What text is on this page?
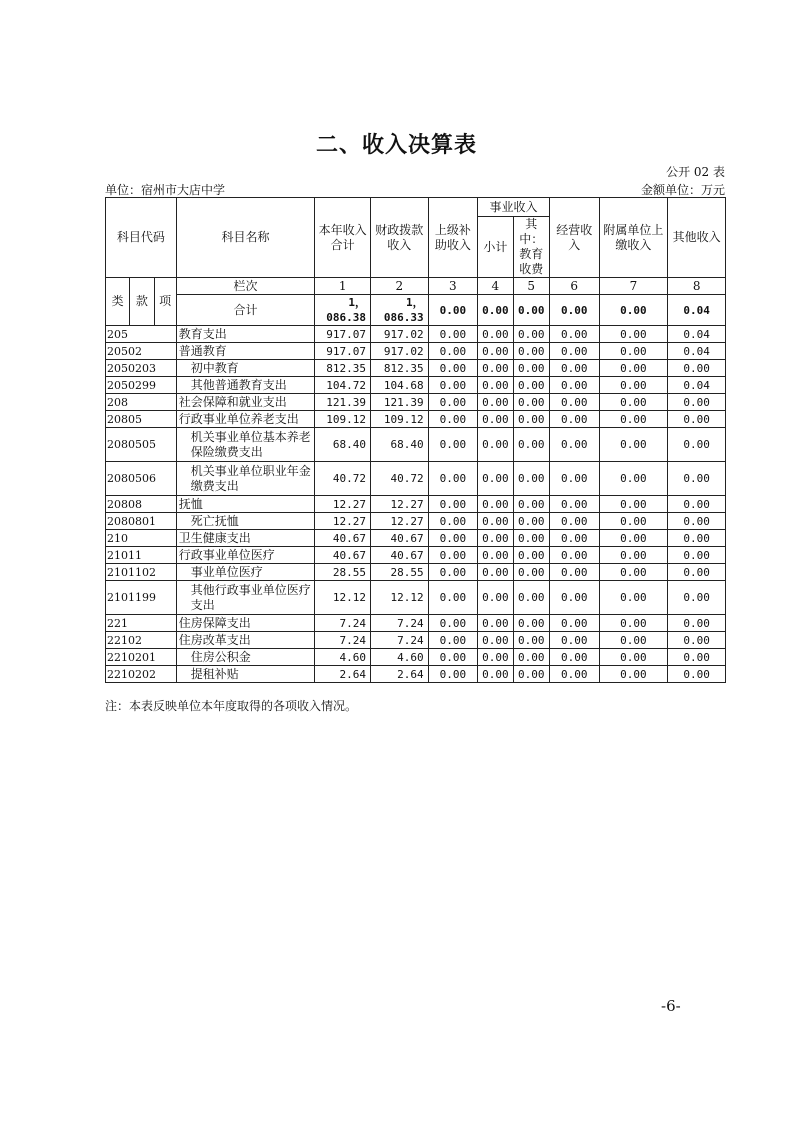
二、收入决算表
公开 02 表
单位：宿州市大店中学	金额单位：万元
科目代码			科目名称	本年收入合计	财政拨款收入	上级补助收入	事业收入		经营收入	附属单位上缴收入	其他收入
							小计	其中：教育收费			

类	款	项	栏次	1	2	3	4	5	6	7	8
			合计	1，086.38	1，086.33	0.00	0.00	0.00	0.00	0.00	0.04
205			教育支出	917.07	917.02	0.00	0.00	0.00	0.00	0.00	0.04
20502			普通教育	917.07	917.02	0.00	0.00	0.00	0.00	0.00	0.04
2050203			初中教育	812.35	812.35	0.00	0.00	0.00	0.00	0.00	0.00
2050299			其他普通教育支出	104.72	104.68	0.00	0.00	0.00	0.00	0.00	0.04
208			社会保障和就业支出	121.39	121.39	0.00	0.00	0.00	0.00	0.00	0.00
20805			行政事业单位养老支出	109.12	109.12	0.00	0.00	0.00	0.00	0.00	0.00
2080505			机关事业单位基本养老保险缴费支出	68.40	68.40	0.00	0.00	0.00	0.00	0.00	0.00
2080506			机关事业单位职业年金缴费支出	40.72	40.72	0.00	0.00	0.00	0.00	0.00	0.00
20808			抚恤	12.27	12.27	0.00	0.00	0.00	0.00	0.00	0.00
2080801			死亡抚恤	12.27	12.27	0.00	0.00	0.00	0.00	0.00	0.00
210			卫生健康支出	40.67	40.67	0.00	0.00	0.00	0.00	0.00	0.00
21011			行政事业单位医疗	40.67	40.67	0.00	0.00	0.00	0.00	0.00	0.00
2101102			事业单位医疗	28.55	28.55	0.00	0.00	0.00	0.00	0.00	0.00
2101199			其他行政事业单位医疗支出	12.12	12.12	0.00	0.00	0.00	0.00	0.00	0.00
221			住房保障支出	7.24	7.24	0.00	0.00	0.00	0.00	0.00	0.00
22102			住房改革支出	7.24	7.24	0.00	0.00	0.00	0.00	0.00	0.00
2210201			住房公积金	4.60	4.60	0.00	0.00	0.00	0.00	0.00	0.00
2210202			提租补贴	2.64	2.64	0.00	0.00	0.00	0.00	0.00	0.00
注：本表反映单位本年度取得的各项收入情况。
-6-
